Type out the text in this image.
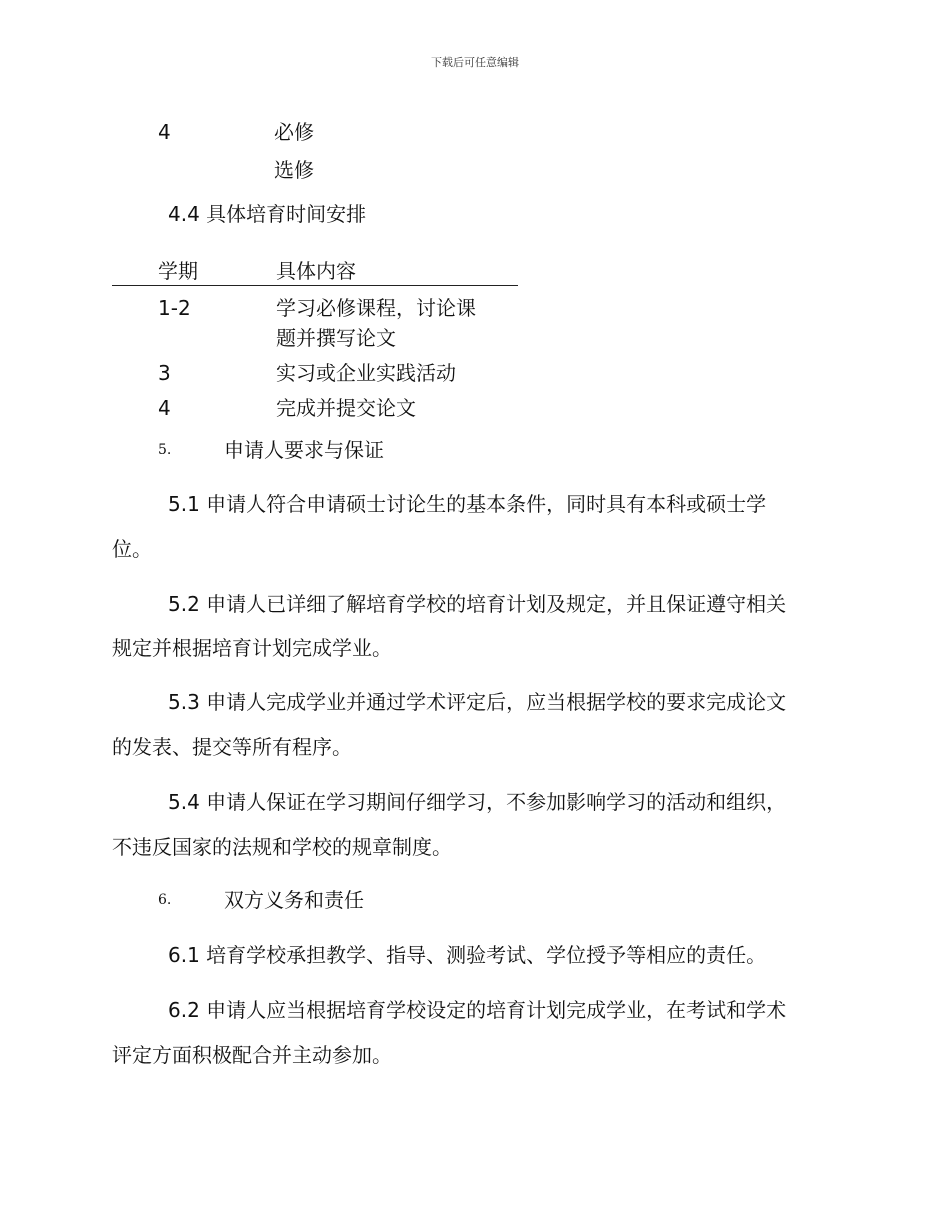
下载后可任意编辑
4	必修
选修
4.4 具体培育时间安排
学期	具体内容
1-2	学习必修课程，讨论课
题并撰写论文
3	实习或企业实践活动
4	完成并提交论文
5.	申请人要求与保证
5.1 申请人符合申请硕士讨论生的基本条件，同时具有本科或硕士学
位。
5.2 申请人已详细了解培育学校的培育计划及规定，并且保证遵守相关
规定并根据培育计划完成学业。
5.3 申请人完成学业并通过学术评定后，应当根据学校的要求完成论文
的发表、提交等所有程序。
5.4 申请人保证在学习期间仔细学习，不参加影响学习的活动和组织，
不违反国家的法规和学校的规章制度。
6.	双方义务和责任
6.1 培育学校承担教学、指导、测验考试、学位授予等相应的责任。
6.2 申请人应当根据培育学校设定的培育计划完成学业，在考试和学术
评定方面积极配合并主动参加。
